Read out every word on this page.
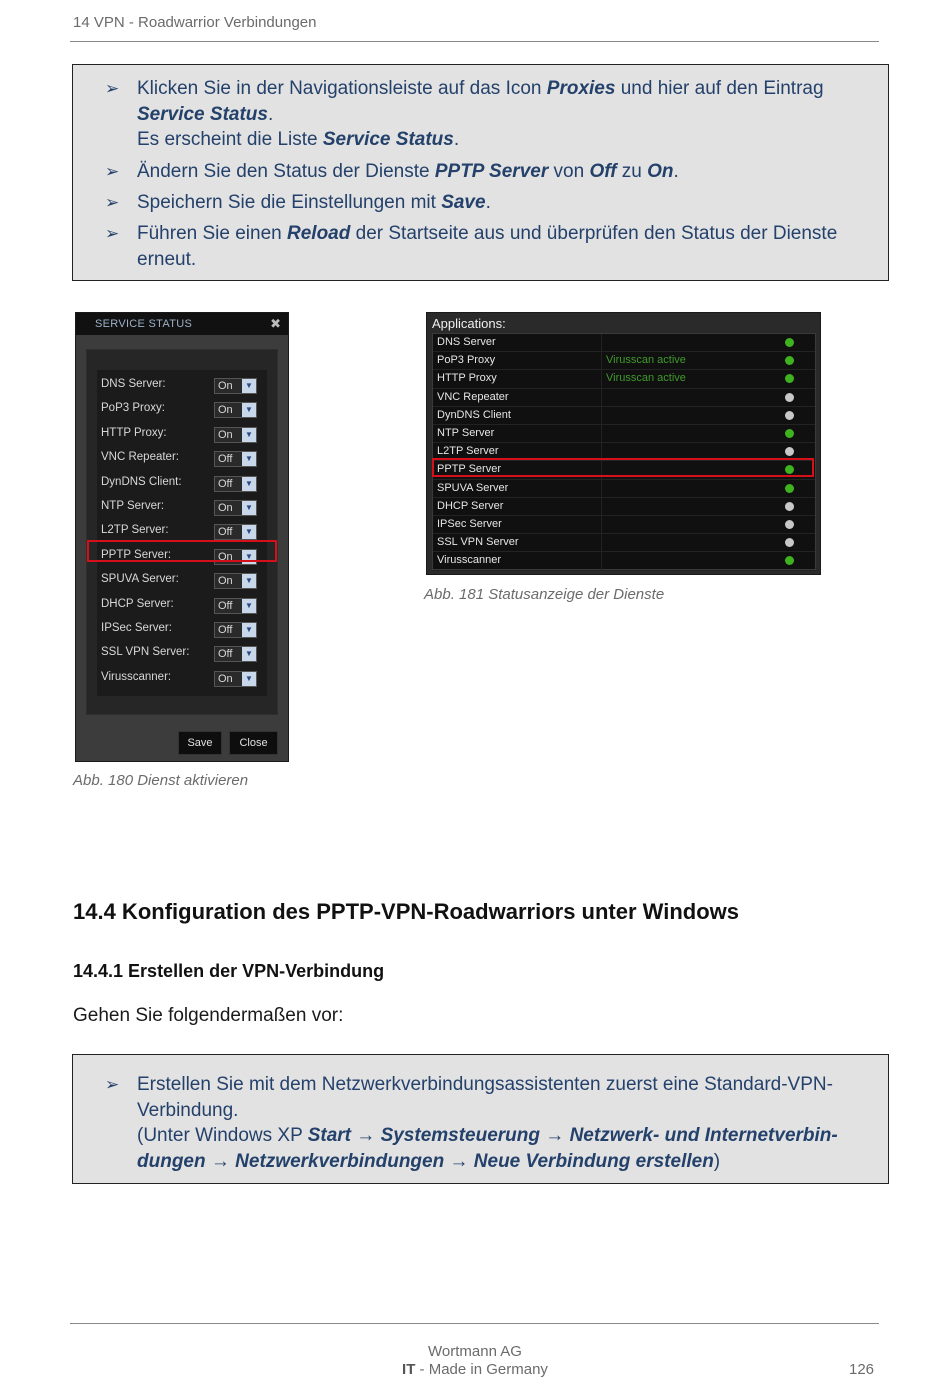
14 VPN - Roadwarrior Verbindungen
➢ Klicken Sie in der Navigationsleiste auf das Icon Proxies und hier auf den Eintrag
Service Status.
Es erscheint die Liste Service Status.
➢ Ändern Sie den Status der Dienste PPTP Server von Off zu On.
➢ Speichern Sie die Einstellungen mit Save.
➢ Führen Sie einen Reload der Startseite aus und überprüfen den Status der Dienste erneut.
SERVICE STATUS	✖
DNS Server:	On	▼
PoP3 Proxy:	On	▼
HTTP Proxy:	On	▼
VNC Repeater:	Off	▼
DynDNS Client:	Off	▼
NTP Server:	On	▼
L2TP Server:	Off	▼
PPTP Server:	On	▼
SPUVA Server:	On	▼
DHCP Server:	Off	▼
IPSec Server:	Off	▼
SSL VPN Server:	Off	▼
Virusscanner:	On	▼
Save	Close
Applications:
DNS Server
PoP3 Proxy	Virusscan active
HTTP Proxy	Virusscan active
VNC Repeater
DynDNS Client
NTP Server
L2TP Server
PPTP Server
SPUVA Server
DHCP Server
IPSec Server
SSL VPN Server
Virusscanner
Abb. 181 Statusanzeige der Dienste
Abb. 180 Dienst aktivieren
14.4 Konfiguration des PPTP-VPN-Roadwarriors unter Windows
14.4.1 Erstellen der VPN-Verbindung
Gehen Sie folgendermaßen vor:
➢ Erstellen Sie mit dem Netzwerkverbindungsassistenten zuerst eine Standard-VPN-
Verbindung.
(Unter Windows XP Start → Systemsteuerung → Netzwerk- und Internetverbin-
dungen → Netzwerkverbindungen → Neue Verbindung erstellen)
Wortmann AG
IT - Made in Germany	126
